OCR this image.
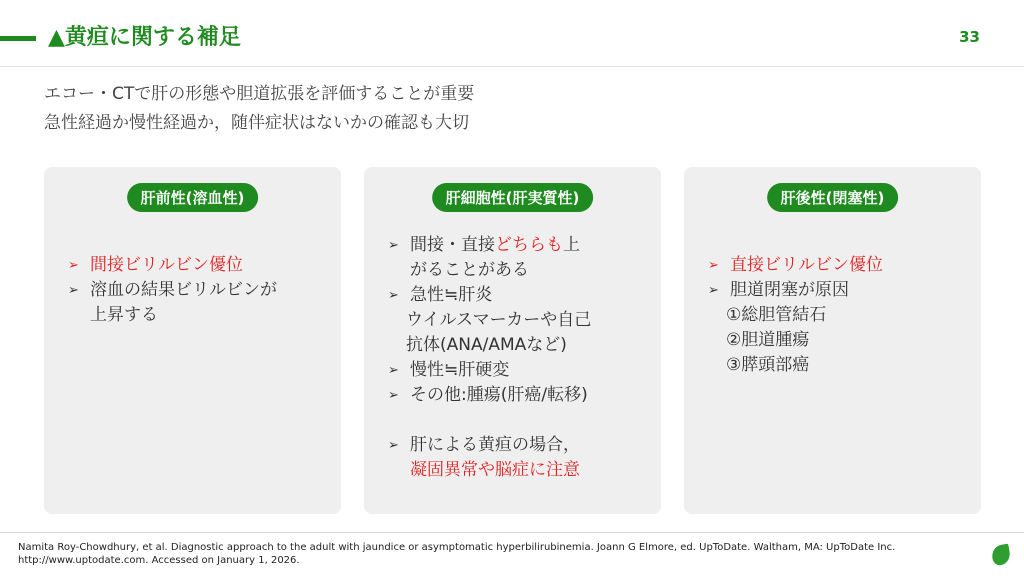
▲黄疸に関する補足	33
エコー・CTで肝の形態や胆道拡張を評価することが重要
急性経過か慢性経過か，随伴症状はないかの確認も大切
肝前性(溶血性)
➢ 間接ビリルビン優位
➢ 溶血の結果ビリルビンが
上昇する
肝細胞性(肝実質性)
➢ 間接・直接どちらも上
がることがある
➢ 急性≒肝炎
ウイルスマーカーや自己
抗体(ANA/AMAなど)
➢ 慢性≒肝硬変
➢ その他:腫瘍(肝癌/転移)
➢ 肝による黄疸の場合，
凝固異常や脳症に注意
肝後性(閉塞性)
➢ 直接ビリルビン優位
➢ 胆道閉塞が原因
①総胆管結石
②胆道腫瘍
③膵頭部癌
Namita Roy-Chowdhury, et al. Diagnostic approach to the adult with jaundice or asymptomatic hyperbilirubinemia. Joann G Elmore, ed. UpToDate. Waltham, MA: UpToDate Inc.
http://www.uptodate.com. Accessed on January 1, 2026.
